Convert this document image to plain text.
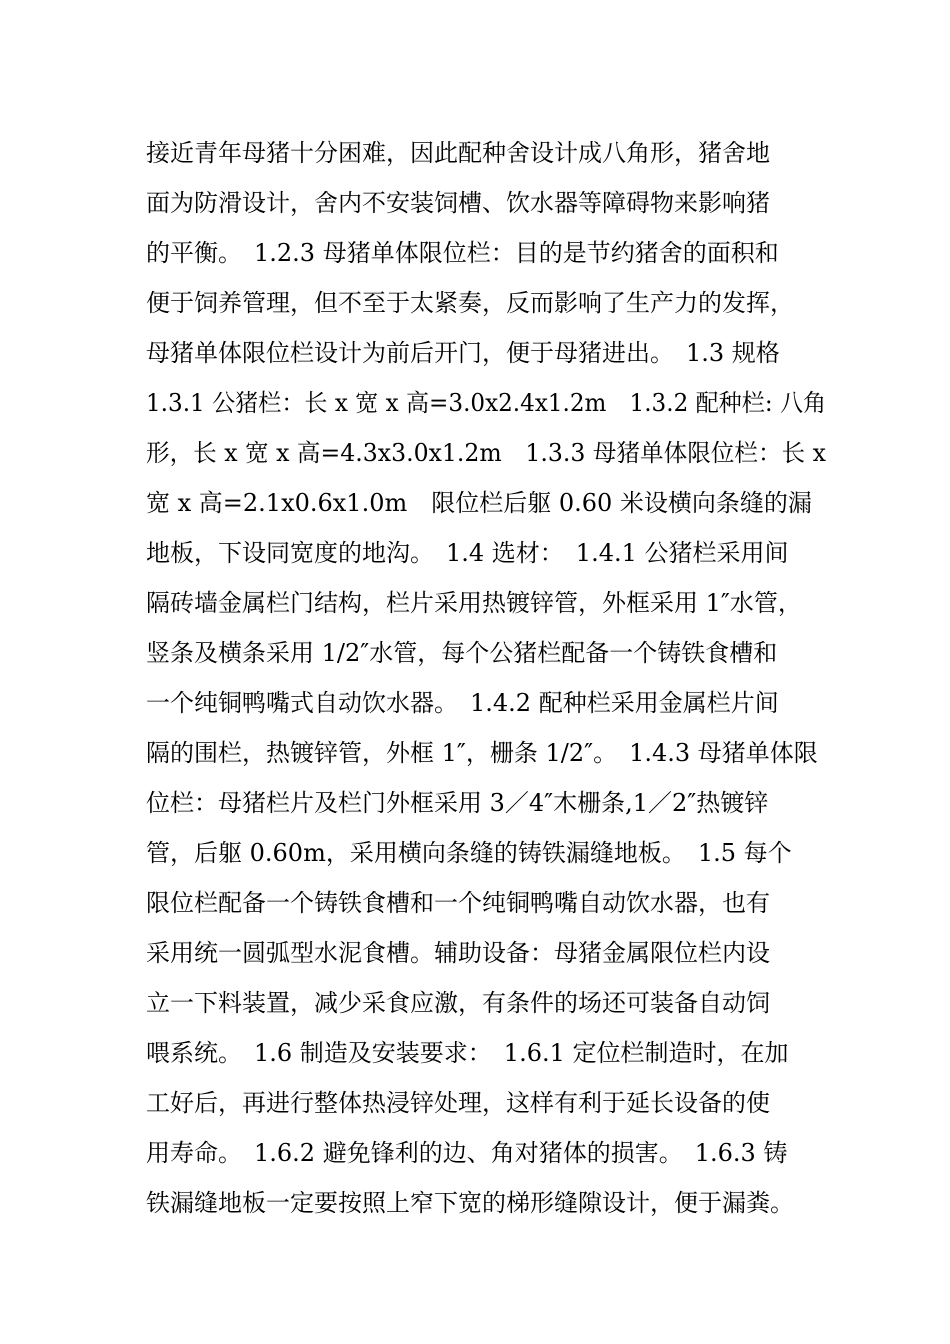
接近青年母猪十分困难，因此配种舍设计成八角形，猪舍地
面为防滑设计，舍内不安装饲槽、饮水器等障碍物来影响猪
的平衡。　1.2.3 母猪单体限位栏：目的是节约猪舍的面积和
便于饲养管理，但不至于太紧奏，反而影响了生产力的发挥，
母猪单体限位栏设计为前后开门，便于母猪进出。　1.3 规格
1.3.1 公猪栏：长 x 宽 x 高=3.0x2.4x1.2m　1.3.2 配种栏: 八角
形，长 x 宽 x 高=4.3x3.0x1.2m　1.3.3 母猪单体限位栏：长 x
宽 x 高=2.1x0.6x1.0m　限位栏后躯 0.60 米设横向条缝的漏
地板，下设同宽度的地沟。　1.4 选材：　1.4.1 公猪栏采用间
隔砖墙金属栏门结构，栏片采用热镀锌管，外框采用 1″水管，
竖条及横条采用 1/2″水管，每个公猪栏配备一个铸铁食槽和
一个纯铜鸭嘴式自动饮水器。　1.4.2 配种栏采用金属栏片间
隔的围栏，热镀锌管，外框 1″，栅条 1/2″。　1.4.3 母猪单体限
位栏：母猪栏片及栏门外框采用 3／4″木栅条,1／2″热镀锌
管，后躯 0.60m，采用横向条缝的铸铁漏缝地板。　1.5 每个
限位栏配备一个铸铁食槽和一个纯铜鸭嘴自动饮水器，也有
采用统一圆弧型水泥食槽。辅助设备：母猪金属限位栏内设
立一下料装置，减少采食应激，有条件的场还可装备自动饲
喂系统。　1.6 制造及安装要求：　1.6.1 定位栏制造时，在加
工好后，再进行整体热浸锌处理，这样有利于延长设备的使
用寿命。　1.6.2 避免锋利的边、角对猪体的损害。　1.6.3 铸
铁漏缝地板一定要按照上窄下宽的梯形缝隙设计，便于漏粪。
